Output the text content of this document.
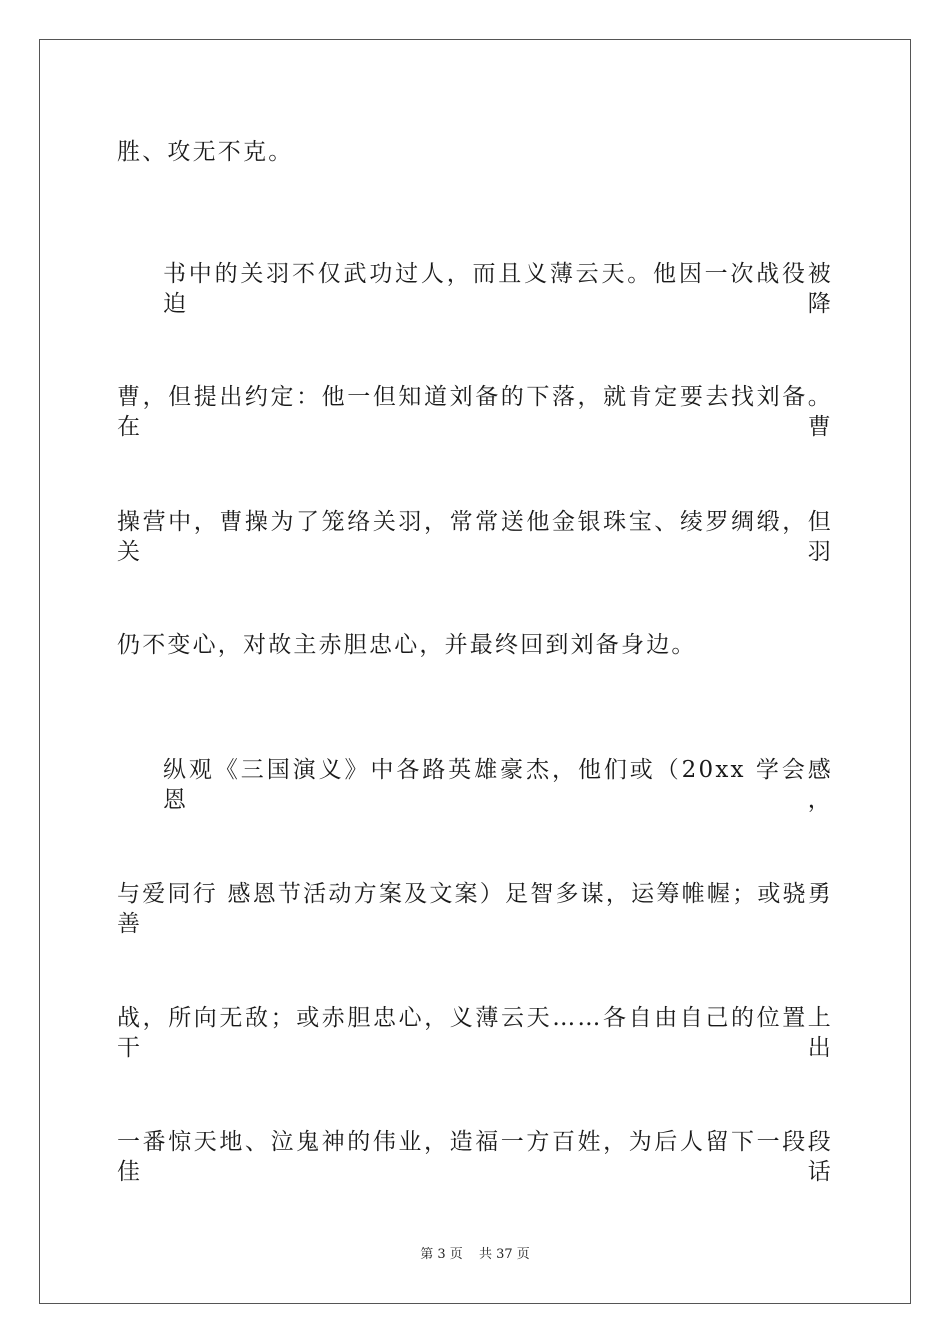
胜、攻无不克。
书中的关羽不仅武功过人，而且义薄云天。他因一次战役被迫降
曹，但提出约定：他一但知道刘备的下落，就肯定要去找刘备。在曹
操营中，曹操为了笼络关羽，常常送他金银珠宝、绫罗绸缎，但关羽
仍不变心，对故主赤胆忠心，并最终回到刘备身边。
纵观《三国演义》中各路英雄豪杰，他们或（20xx 学会感恩，
与爱同行 感恩节活动方案及文案）足智多谋，运筹帷幄；或骁勇善
战，所向无敌；或赤胆忠心，义薄云天……各自由自己的位置上干出
一番惊天地、泣鬼神的伟业，造福一方百姓，为后人留下一段段佳话
第 3 页 共 37 页
